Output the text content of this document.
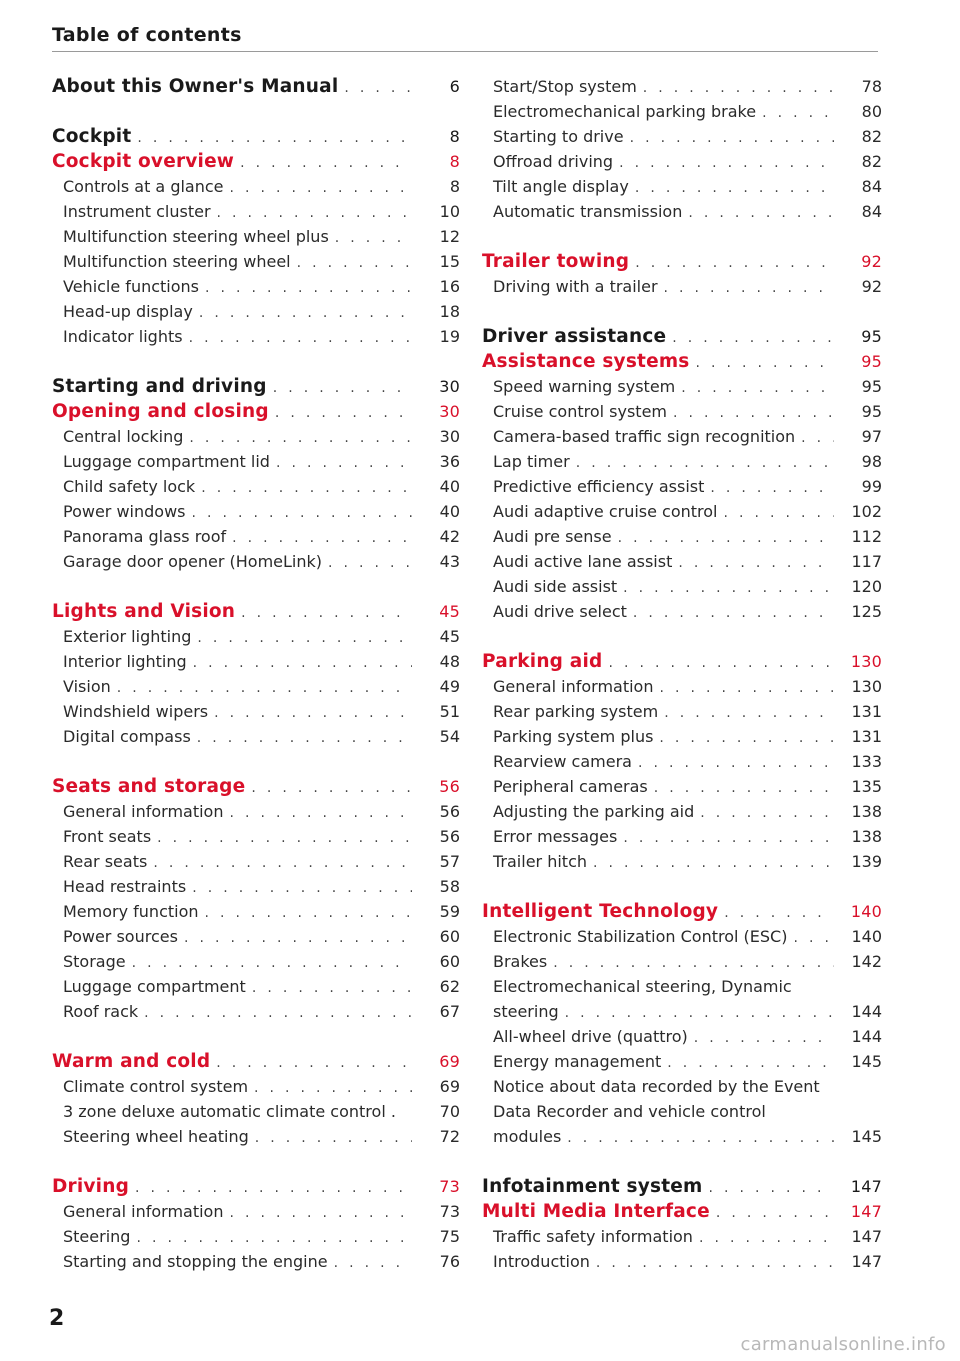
Table of contents
About this Owner's Manual . . .	6
Cockpit . . .	8
Cockpit overview . . .	8
Controls at a glance . . .	8
Instrument cluster . . .	10
Multifunction steering wheel plus . . .	12
Multifunction steering wheel . . .	15
Vehicle functions . . .	16
Head-up display . . .	18
Indicator lights . . .	19
Starting and driving . . .	30
Opening and closing . . .	30
Central locking . . .	30
Luggage compartment lid . . .	36
Child safety lock . . .	40
Power windows . . .	40
Panorama glass roof . . .	42
Garage door opener (HomeLink) . . .	43
Lights and Vision . . .	45
Exterior lighting . . .	45
Interior lighting . . .	48
Vision . . .	49
Windshield wipers . . .	51
Digital compass . . .	54
Seats and storage . . .	56
General information . . .	56
Front seats . . .	56
Rear seats . . .	57
Head restraints . . .	58
Memory function . . .	59
Power sources . . .	60
Storage . . .	60
Luggage compartment . . .	62
Roof rack . . .	67
Warm and cold . . .	69
Climate control system . . .	69
3 zone deluxe automatic climate control .	70
Steering wheel heating . . .	72
Driving . . .	73
General information . . .	73
Steering . . .	75
Starting and stopping the engine . . .	76
Start/Stop system . . .	78
Electromechanical parking brake . . .	80
Starting to drive . . .	82
Offroad driving . . .	82
Tilt angle display . . .	84
Automatic transmission . . .	84
Trailer towing . . .	92
Driving with a trailer . . .	92
Driver assistance . . .	95
Assistance systems . . .	95
Speed warning system . . .	95
Cruise control system . . .	95
Camera-based traffic sign recognition . . .	97
Lap timer . . .	98
Predictive efficiency assist . . .	99
Audi adaptive cruise control . . .	102
Audi pre sense . . .	112
Audi active lane assist . . .	117
Audi side assist . . .	120
Audi drive select . . .	125
Parking aid . . .	130
General information . . .	130
Rear parking system . . .	131
Parking system plus . . .	131
Rearview camera . . .	133
Peripheral cameras . . .	135
Adjusting the parking aid . . .	138
Error messages . . .	138
Trailer hitch . . .	139
Intelligent Technology . . .	140
Electronic Stabilization Control (ESC) . . .	140
Brakes . . .	142
Electromechanical steering, Dynamic
steering . . .	144
All-wheel drive (quattro) . . .	144
Energy management . . .	145
Notice about data recorded by the Event
Data Recorder and vehicle control
modules . . .	145
Infotainment system . . .	147
Multi Media Interface . . .	147
Traffic safety information . . .	147
Introduction . . .	147
2
carmanualsonline.info
